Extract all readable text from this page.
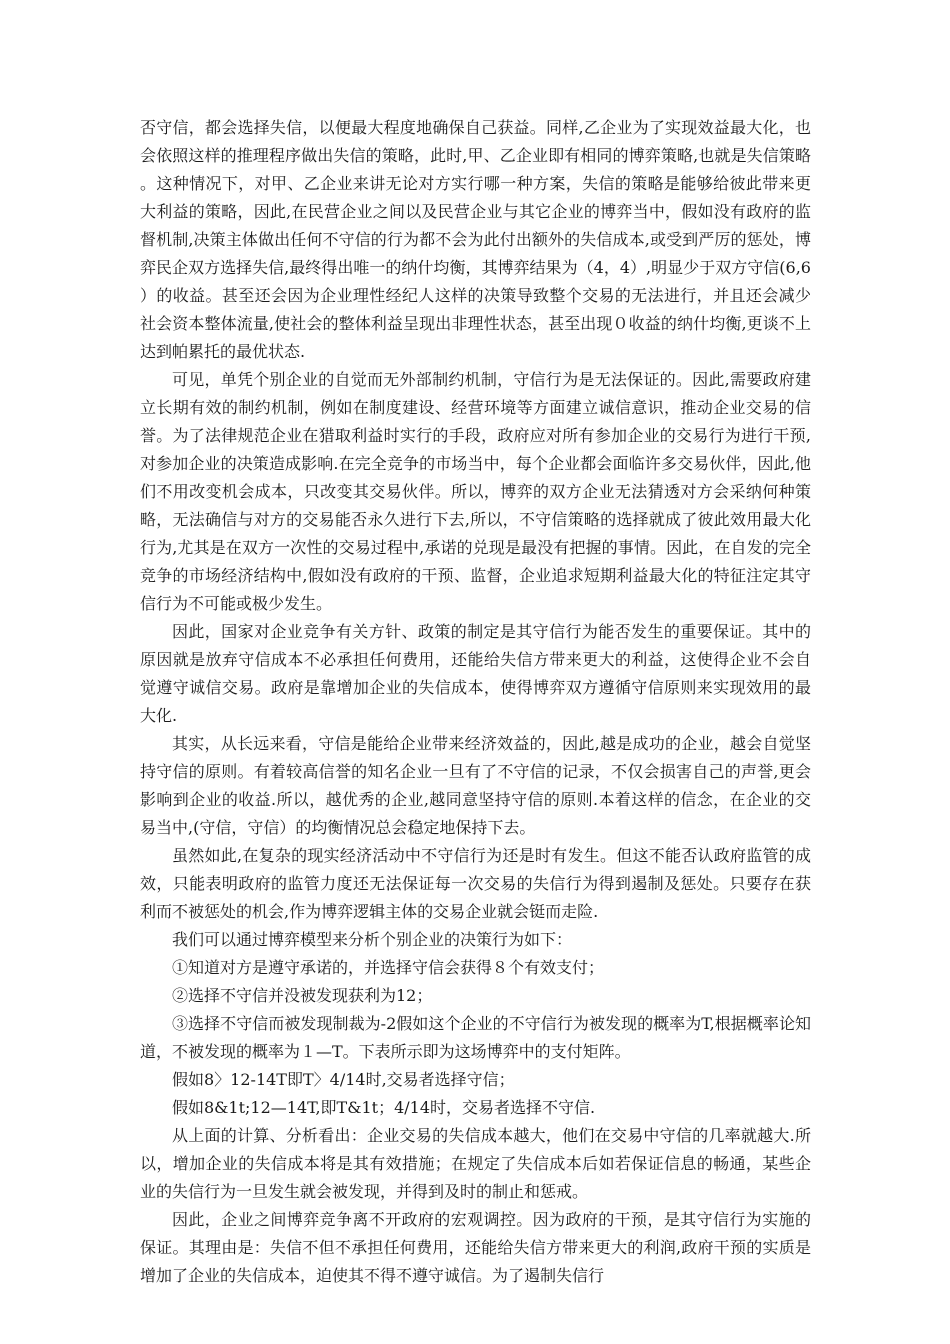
否守信，都会选择失信，以便最大程度地确保自己获益。同样,乙企业为了实现效益最大化，也会依照这样的推理程序做出失信的策略，此时,甲、乙企业即有相同的博弈策略,也就是失信策略。这种情况下，对甲、乙企业来讲无论对方实行哪一种方案，失信的策略是能够给彼此带来更大利益的策略，因此,在民营企业之间以及民营企业与其它企业的博弈当中，假如没有政府的监督机制,决策主体做出任何不守信的行为都不会为此付出额外的失信成本,或受到严厉的惩处，博弈民企双方选择失信,最终得出唯一的纳什均衡，其博弈结果为（4，4）,明显少于双方守信(6,6）的收益。甚至还会因为企业理性经纪人这样的决策导致整个交易的无法进行，并且还会减少社会资本整体流量,使社会的整体利益呈现出非理性状态，甚至出现０收益的纳什均衡,更谈不上达到帕累托的最优状态.

可见，单凭个别企业的自觉而无外部制约机制，守信行为是无法保证的。因此,需要政府建立长期有效的制约机制，例如在制度建设、经营环境等方面建立诚信意识，推动企业交易的信誉。为了法律规范企业在猎取利益时实行的手段，政府应对所有参加企业的交易行为进行干预,对参加企业的决策造成影响.在完全竞争的市场当中，每个企业都会面临许多交易伙伴，因此,他们不用改变机会成本，只改变其交易伙伴。所以，博弈的双方企业无法猜透对方会采纳何种策略，无法确信与对方的交易能否永久进行下去,所以，不守信策略的选择就成了彼此效用最大化行为,尤其是在双方一次性的交易过程中,承诺的兑现是最没有把握的事情。因此，在自发的完全竞争的市场经济结构中,假如没有政府的干预、监督，企业追求短期利益最大化的特征注定其守信行为不可能或极少发生。

因此，国家对企业竞争有关方针、政策的制定是其守信行为能否发生的重要保证。其中的原因就是放弃守信成本不必承担任何费用，还能给失信方带来更大的利益，这使得企业不会自觉遵守诚信交易。政府是靠增加企业的失信成本，使得博弈双方遵循守信原则来实现效用的最大化.

其实，从长远来看，守信是能给企业带来经济效益的，因此,越是成功的企业，越会自觉坚持守信的原则。有着较高信誉的知名企业一旦有了不守信的记录，不仅会损害自己的声誉,更会影响到企业的收益.所以，越优秀的企业,越同意坚持守信的原则.本着这样的信念，在企业的交易当中,(守信，守信）的均衡情况总会稳定地保持下去。

虽然如此,在复杂的现实经济活动中不守信行为还是时有发生。但这不能否认政府监管的成效，只能表明政府的监管力度还无法保证每一次交易的失信行为得到遏制及惩处。只要存在获利而不被惩处的机会,作为博弈逻辑主体的交易企业就会铤而走险.

我们可以通过博弈模型来分析个别企业的决策行为如下：

①知道对方是遵守承诺的，并选择守信会获得８个有效支付；

②选择不守信并没被发现获利为12；

③选择不守信而被发现制裁为-2假如这个企业的不守信行为被发现的概率为T,根据概率论知道，不被发现的概率为１—T。下表所示即为这场博弈中的支付矩阵。

假如8〉12-14T即T〉4/14时,交易者选择守信；

假如8&1t;12—14T,即T&1t；4/14时，交易者选择不守信.

从上面的计算、分析看出：企业交易的失信成本越大，他们在交易中守信的几率就越大.所以，增加企业的失信成本将是其有效措施；在规定了失信成本后如若保证信息的畅通，某些企业的失信行为一旦发生就会被发现，并得到及时的制止和惩戒。

因此，企业之间博弈竞争离不开政府的宏观调控。因为政府的干预，是其守信行为实施的保证。其理由是：失信不但不承担任何费用，还能给失信方带来更大的利润,政府干预的实质是增加了企业的失信成本，迫使其不得不遵守诚信。为了遏制失信行
